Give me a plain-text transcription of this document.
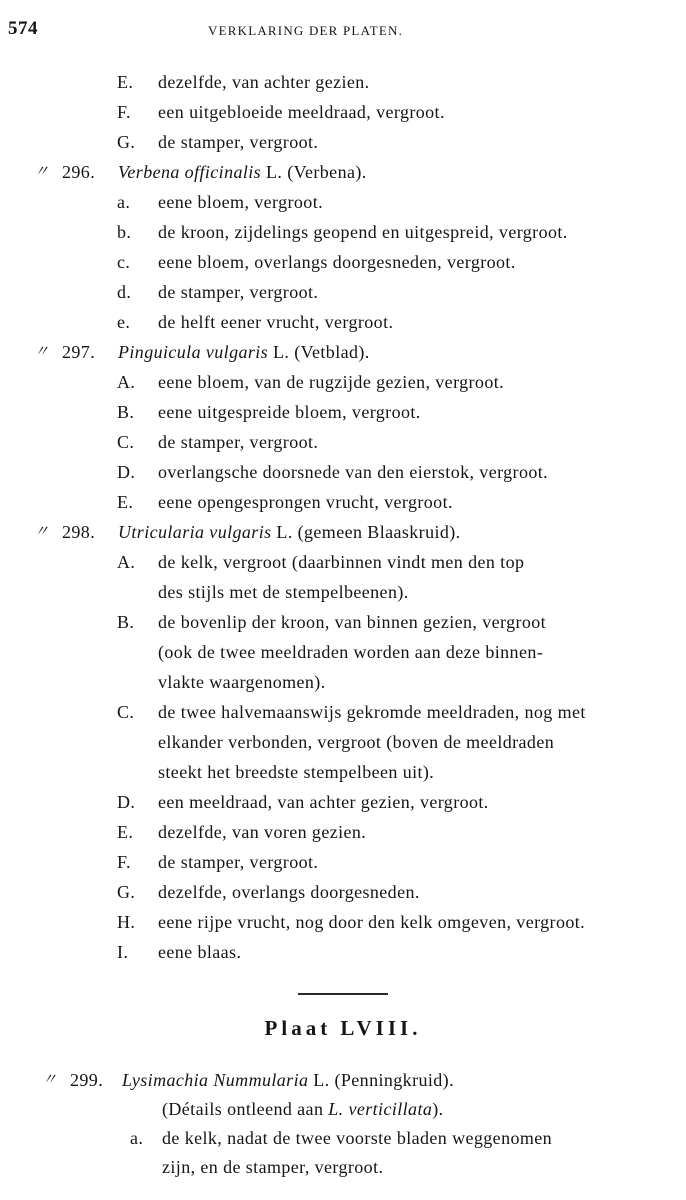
574	VERKLARING DER PLATEN.
E. dezelfde, van achter gezien.
F. een uitgebloeide meeldraad, vergroot.
G. de stamper, vergroot.
〃 296. Verbena officinalis L. (Verbena).
a. eene bloem, vergroot.
b. de kroon, zijdelings geopend en uitgespreid, vergroot.
c. eene bloem, overlangs doorgesneden, vergroot.
d. de stamper, vergroot.
e. de helft eener vrucht, vergroot.
〃 297. Pinguicula vulgaris L. (Vetblad).
A. eene bloem, van de rugzijde gezien, vergroot.
B. eene uitgespreide bloem, vergroot.
C. de stamper, vergroot.
D. overlangsche doorsnede van den eierstok, vergroot.
E. eene opengesprongen vrucht, vergroot.
〃 298. Utricularia vulgaris L. (gemeen Blaaskruid).
A. de kelk, vergroot (daarbinnen vindt men den top
des stijls met de stempelbeenen).
B. de bovenlip der kroon, van binnen gezien, vergroot
(ook de twee meeldraden worden aan deze binnen-
vlakte waargenomen).
C. de twee halvemaanswijs gekromde meeldraden, nog met
elkander verbonden, vergroot (boven de meeldraden
steekt het breedste stempelbeen uit).
D. een meeldraad, van achter gezien, vergroot.
E. dezelfde, van voren gezien.
F. de stamper, vergroot.
G. dezelfde, overlangs doorgesneden.
H. eene rijpe vrucht, nog door den kelk omgeven, vergroot.
I. eene blaas.
Plaat LVIII.
〃 299. Lysimachia Nummularia L. (Penningkruid).
(Détails ontleend aan L. verticillata).
a. de kelk, nadat de twee voorste bladen weggenomen
zijn, en de stamper, vergroot.
